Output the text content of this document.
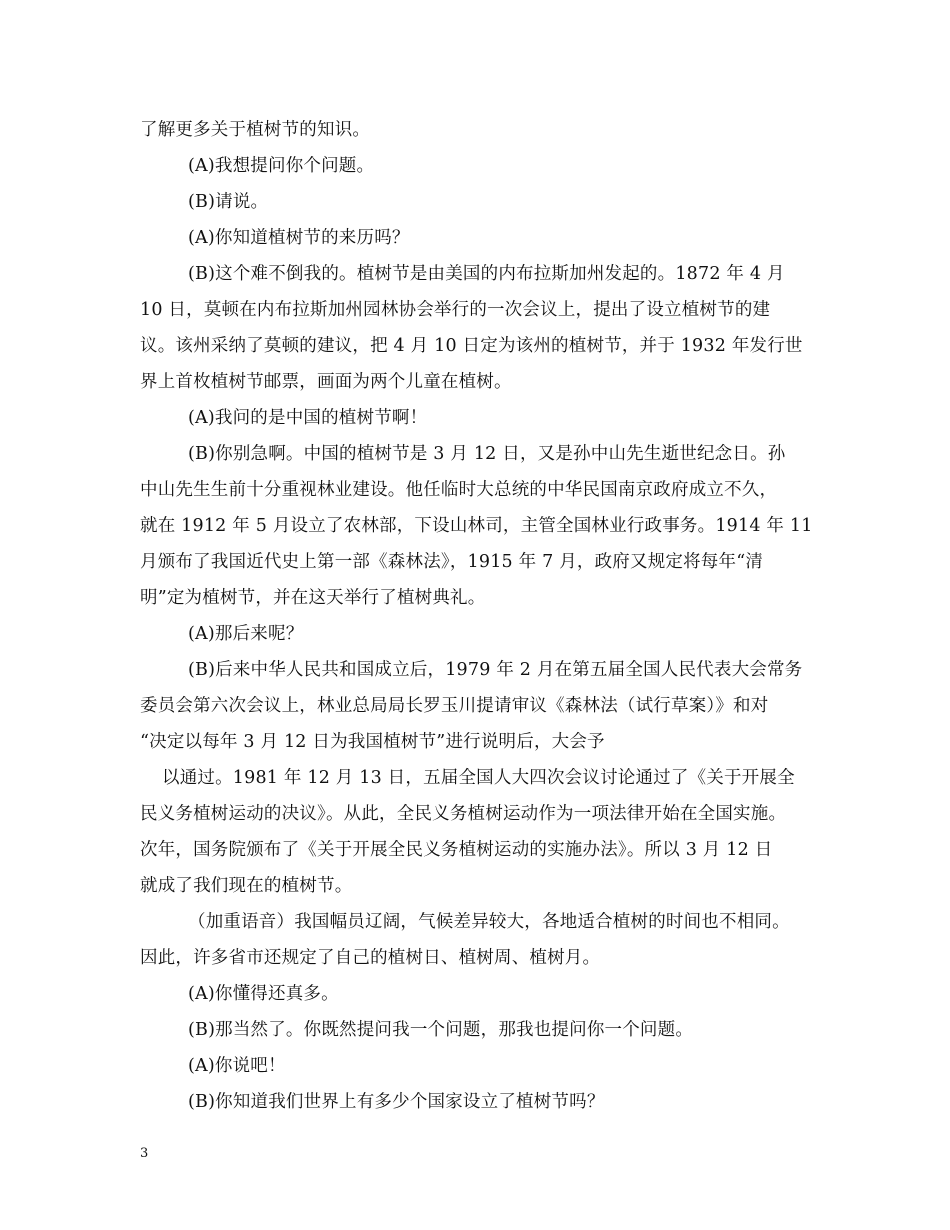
了解更多关于植树节的知识。
(A)我想提问你个问题。
(B)请说。
(A)你知道植树节的来历吗？
(B)这个难不倒我的。植树节是由美国的内布拉斯加州发起的。1872 年 4 月
10 日，莫顿在内布拉斯加州园林协会举行的一次会议上，提出了设立植树节的建
议。该州采纳了莫顿的建议，把 4 月 10 日定为该州的植树节，并于 1932 年发行世
界上首枚植树节邮票，画面为两个儿童在植树。
(A)我问的是中国的植树节啊！
(B)你别急啊。中国的植树节是 3 月 12 日，又是孙中山先生逝世纪念日。孙
中山先生生前十分重视林业建设。他任临时大总统的中华民国南京政府成立不久，
就在 1912 年 5 月设立了农林部，下设山林司，主管全国林业行政事务。1914 年 11
月颁布了我国近代史上第一部《森林法》，1915 年 7 月，政府又规定将每年“清
明”定为植树节，并在这天举行了植树典礼。
(A)那后来呢？
(B)后来中华人民共和国成立后，1979 年 2 月在第五届全国人民代表大会常务
委员会第六次会议上，林业总局局长罗玉川提请审议《森林法（试行草案）》和对
“决定以每年 3 月 12 日为我国植树节”进行说明后，大会予
以通过。1981 年 12 月 13 日，五届全国人大四次会议讨论通过了《关于开展全
民义务植树运动的决议》。从此，全民义务植树运动作为一项法律开始在全国实施。
次年，国务院颁布了《关于开展全民义务植树运动的实施办法》。所以 3 月 12 日
就成了我们现在的植树节。
（加重语音）我国幅员辽阔，气候差异较大，各地适合植树的时间也不相同。
因此，许多省市还规定了自己的植树日、植树周、植树月。
(A)你懂得还真多。
(B)那当然了。你既然提问我一个问题，那我也提问你一个问题。
(A)你说吧！
(B)你知道我们世界上有多少个国家设立了植树节吗？
3
